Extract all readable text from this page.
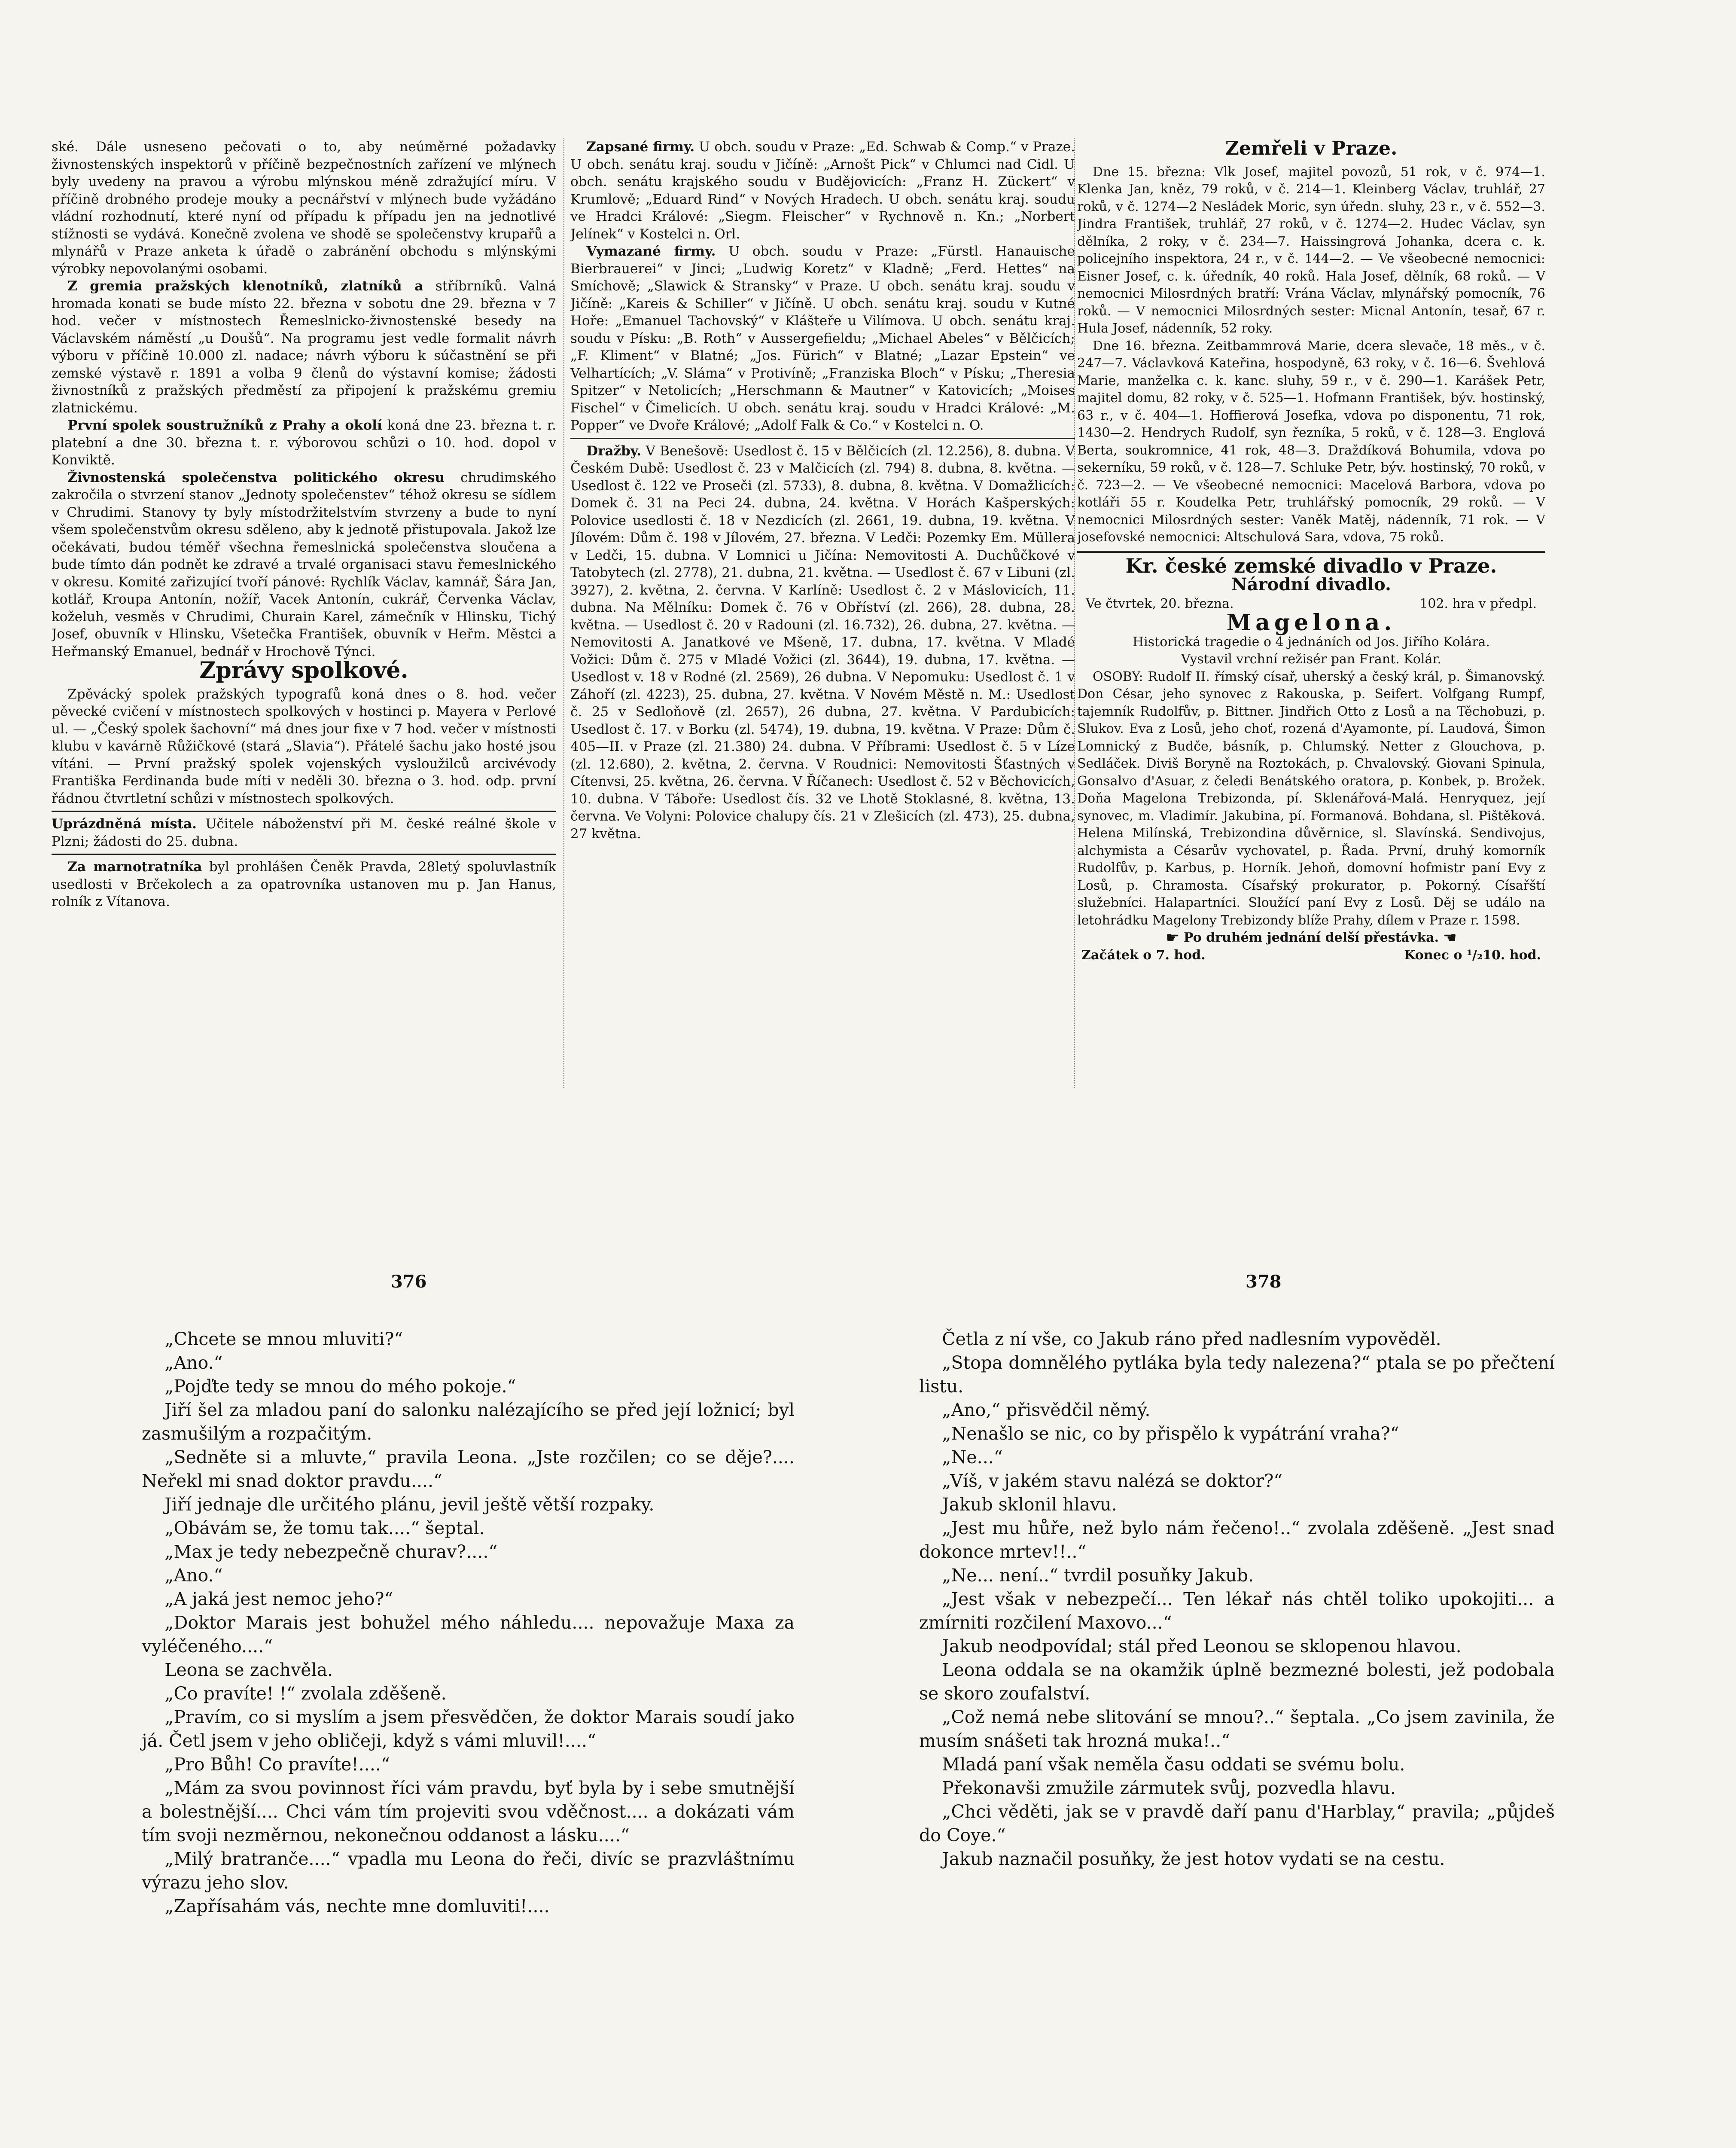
ské. Dále usneseno pečovati o to, aby neúměrné požadavky živnostenských inspektorů v příčině bezpečnostních zařízení ve mlýnech byly uvedeny na pravou a výrobu mlýnskou méně zdražující míru. V příčině drobného prodeje mouky a pecnářství v mlýnech bude vyžádáno vládní rozhodnutí, které nyní od případu k případu jen na jednotlivé stížnosti se vydává. Konečně zvolena ve shodě se společenstvy krupařů a mlynářů v Praze anketa k úřadě o zabránění obchodu s mlýnskými výrobky nepovolanými osobami.

Z gremia pražských klenotníků, zlatníků a stříbrníků. Valná hromada konati se bude místo 22. března v sobotu dne 29. března v 7 hod. večer v místnostech Řemeslnicko-živnostenské besedy na Václavském náměstí „u Doušů“. Na programu jest vedle formalit návrh výboru v příčině 10.000 zl. nadace; návrh výboru k súčastnění se při zemské výstavě r. 1891 a volba 9 členů do výstavní komise; žádosti živnostníků z pražských předměstí za připojení k pražskému gremiu zlatnickému.

První spolek soustružníků z Prahy a okolí koná dne 23. března t. r. platební a dne 30. března t. r. výborovou schůzi o 10. hod. dopol v Konviktě.

Živnostenská společenstva politického okresu chrudimského zakročila o stvrzení stanov „Jednoty společenstev“ téhož okresu se sídlem v Chrudimi. Stanovy ty byly místodržitelstvím stvrzeny a bude to nyní všem společenstvům okresu sděleno, aby k jednotě přistupovala. Jakož lze očekávati, budou téměř všechna řemeslnická společenstva sloučena a bude tímto dán podnět ke zdravé a trvalé organisaci stavu řemeslnického v okresu. Komité zařizující tvoří pánové: Rychlík Václav, kamnář, Šára Jan, kotlář, Kroupa Antonín, nožíř, Vacek Antonín, cukrář, Červenka Václav, koželuh, vesměs v Chrudimi, Churain Karel, zámečník v Hlinsku, Tichý Josef, obuvník v Hlinsku, Všetečka František, obuvník v Heřm. Městci a Heřmanský Emanuel, bednář v Hrochově Týnci.

Zprávy spolkové.

Zpěvácký spolek pražských typografů koná dnes o 8. hod. večer pěvecké cvičení v místnostech spolkových v hostinci p. Mayera v Perlové ul. — „Český spolek šachovní“ má dnes jour fixe v 7 hod. večer v místnosti klubu v kavárně Růžičkové (stará „Slavia“). Přátelé šachu jako hosté jsou vítáni. — První pražský spolek vojenských vysloužilců arcivévody Františka Ferdinanda bude míti v neděli 30. března o 3. hod. odp. první řádnou čtvrtletní schůzi v místnostech spolkových.

Uprázdněná místa. Učitele náboženství při M. české reálné škole v Plzni; žádosti do 25. dubna.

Za marnotratníka byl prohlášen Čeněk Pravda, 28letý spoluvlastník usedlosti v Brčekolech a za opatrovníka ustanoven mu p. Jan Hanus, rolník z Vítanova.

Zapsané firmy. U obch. soudu v Praze: „Ed. Schwab & Comp.“ v Praze. U obch. senátu kraj. soudu v Jičíně: „Arnošt Pick“ v Chlumci nad Cidl. U obch. senátu krajského soudu v Budějovicích: „Franz H. Zückert“ v Krumlově; „Eduard Rind“ v Nových Hradech. U obch. senátu kraj. soudu ve Hradci Králové: „Siegm. Fleischer“ v Rychnově n. Kn.; „Norbert Jelínek“ v Kostelci n. Orl.

Vymazané firmy. U obch. soudu v Praze: „Fürstl. Hanauische Bierbrauerei“ v Jinci; „Ludwig Koretz“ v Kladně; „Ferd. Hettes“ na Smíchově; „Slawick & Stransky“ v Praze. U obch. senátu kraj. soudu v Jičíně: „Kareis & Schiller“ v Jičíně. U obch. senátu kraj. soudu v Kutné Hoře: „Emanuel Tachovský“ v Klášteře u Vilímova. U obch. senátu kraj. soudu v Písku: „B. Roth“ v Aussergefieldu; „Michael Abeles“ v Bělčicích; „F. Kliment“ v Blatné; „Jos. Fürich“ v Blatné; „Lazar Epstein“ ve Velhartících; „V. Sláma“ v Protivíně; „Franziska Bloch“ v Písku; „Theresia Spitzer“ v Netolicích; „Herschmann & Mautner“ v Katovicích; „Moises Fischel“ v Čimelicích. U obch. senátu kraj. soudu v Hradci Králové: „M. Popper“ ve Dvoře Králové; „Adolf Falk & Co.“ v Kostelci n. O.

Dražby. V Benešově: Usedlost č. 15 v Bělčicích (zl. 12.256), 8. dubna. V Českém Dubě: Usedlost č. 23 v Malčicích (zl. 794) 8. dubna, 8. května. — Usedlost č. 122 ve Proseči (zl. 5733), 8. dubna, 8. května. V Domažlicích: Domek č. 31 na Peci 24. dubna, 24. května. V Horách Kašperských: Polovice usedlosti č. 18 v Nezdicích (zl. 2661, 19. dubna, 19. května. V Jílovém: Dům č. 198 v Jílovém, 27. března. V Ledči: Pozemky Em. Müllera v Ledči, 15. dubna. V Lomnici u Jičína: Nemovitosti A. Duchůčkové v Tatobytech (zl. 2778), 21. dubna, 21. května. — Usedlost č. 67 v Libuni (zl. 3927), 2. května, 2. června. V Karlíně: Usedlost č. 2 v Máslovicích, 11. dubna. Na Mělníku: Domek č. 76 v Obříství (zl. 266), 28. dubna, 28. května. — Usedlost č. 20 v Radouni (zl. 16.732), 26. dubna, 27. května. — Nemovitosti A. Janatkové ve Mšeně, 17. dubna, 17. května. V Mladé Vožici: Dům č. 275 v Mladé Vožici (zl. 3644), 19. dubna, 17. května. — Usedlost v. 18 v Rodné (zl. 2569), 26 dubna. V Nepomuku: Usedlost č. 1 v Záhoří (zl. 4223), 25. dubna, 27. května. V Novém Městě n. M.: Usedlost č. 25 v Sedloňově (zl. 2657), 26 dubna, 27. května. V Pardubicích: Usedlost č. 17. v Borku (zl. 5474), 19. dubna, 19. května. V Praze: Dům č. 405—II. v Praze (zl. 21.380) 24. dubna. V Příbrami: Usedlost č. 5 v Líze (zl. 12.680), 2. května, 2. června. V Roudnici: Nemovitosti Šťastných v Cítenvsi, 25. května, 26. června. V Říčanech: Usedlost č. 52 v Běchovicích, 10. dubna. V Táboře: Usedlost čís. 32 ve Lhotě Stoklasné, 8. května, 13. června. Ve Volyni: Polovice chalupy čís. 21 v Zlešicích (zl. 473), 25. dubna, 27 května.

Zemřeli v Praze.

Dne 15. března: Vlk Josef, majitel povozů, 51 rok, v č. 974—1. Klenka Jan, kněz, 79 roků, v č. 214—1. Kleinberg Václav, truhlář, 27 roků, v č. 1274—2 Nesládek Moric, syn úředn. sluhy, 23 r., v č. 552—3. Jindra František, truhlář, 27 roků, v č. 1274—2. Hudec Václav, syn dělníka, 2 roky, v č. 234—7. Haissingrová Johanka, dcera c. k. policejního inspektora, 24 r., v č. 144—2. — Ve všeobecné nemocnici: Eisner Josef, c. k. úředník, 40 roků. Hala Josef, dělník, 68 roků. — V nemocnici Milosrdných bratří: Vrána Václav, mlynářský pomocník, 76 roků. — V nemocnici Milosrdných sester: Micnal Antonín, tesař, 67 r. Hula Josef, nádenník, 52 roky.

Dne 16. března. Zeitbammrová Marie, dcera slevače, 18 měs., v č. 247—7. Václavková Kateřina, hospodyně, 63 roky, v č. 16—6. Švehlová Marie, manželka c. k. kanc. sluhy, 59 r., v č. 290—1. Karášek Petr, majitel domu, 82 roky, v č. 525—1. Hofmann František, býv. hostinský, 63 r., v č. 404—1. Hoffierová Josefka, vdova po disponentu, 71 rok, 1430—2. Hendrych Rudolf, syn řezníka, 5 roků, v č. 128—3. Englová Berta, soukromnice, 41 rok, 48—3. Draždíková Bohumila, vdova po sekerníku, 59 roků, v č. 128—7. Schluke Petr, býv. hostinský, 70 roků, v č. 723—2. — Ve všeobecné nemocnici: Macelová Barbora, vdova po kotláři 55 r. Koudelka Petr, truhlářský pomocník, 29 roků. — V nemocnici Milosrdných sester: Vaněk Matěj, nádenník, 71 rok. — V josefovské nemocnici: Altschulová Sara, vdova, 75 roků.

Kr. české zemské divadlo v Praze.
Národní divadlo.
Ve čtvrtek, 20. března.	102. hra v předpl.
Magelona.

Historická tragedie o 4 jednáních od Jos. Jiřího Kolára.

Vystavil vrchní režisér pan Frant. Kolár.

OSOBY: Rudolf II. římský císař, uherský a český král, p. Šimanovský. Don César, jeho synovec z Rakouska, p. Seifert. Volfgang Rumpf, tajemník Rudolfův, p. Bittner. Jindřich Otto z Losů a na Těchobuzi, p. Slukov. Eva z Losů, jeho choť, rozená d'Ayamonte, pí. Laudová, Šimon Lomnický z Budče, básník, p. Chlumský. Netter z Glouchova, p. Sedláček. Diviš Boryně na Roztokách, p. Chvalovský. Giovani Spinula, Gonsalvo d'Asuar, z čeledi Benátského oratora, p. Konbek, p. Brožek. Doňa Magelona Trebizonda, pí. Sklenářová-Malá. Henryquez, její synovec, m. Vladimír. Jakubina, pí. Formanová. Bohdana, sl. Pištěková. Helena Milínská, Trebizondina důvěrnice, sl. Slavínská. Sendivojus, alchymista a Césarův vychovatel, p. Řada. První, druhý komorník Rudolfův, p. Karbus, p. Horník. Jehoň, domovní hofmistr paní Evy z Losů, p. Chramosta. Císařský prokurator, p. Pokorný. Císařští služebníci. Halapartníci. Sloužící paní Evy z Losů. Děj se událo na letohrádku Magelony Trebizondy blíže Prahy, dílem v Praze r. 1598.

☛ Po druhém jednání delší přestávka. ☚

Začátek o 7. hod.	Konec o ¹/₂10. hod.
376	378

„Chcete se mnou mluviti?“

„Ano.“

„Pojďte tedy se mnou do mého pokoje.“

Jiří šel za mladou paní do salonku nalézajícího se před její ložnicí; byl zasmušilým a rozpačitým.

„Sedněte si a mluvte,“ pravila Leona. „Jste rozčilen; co se děje?.... Neřekl mi snad doktor pravdu....“

Jiří jednaje dle určitého plánu, jevil ještě větší rozpaky.

„Obávám se, že tomu tak....“ šeptal.

„Max je tedy nebezpečně churav?....“

„Ano.“

„A jaká jest nemoc jeho?“

„Doktor Marais jest bohužel mého náhledu.... nepovažuje Maxa za vyléčeného....“

Leona se zachvěla.

„Co pravíte! !“ zvolala zděšeně.

„Pravím, co si myslím a jsem přesvědčen, že doktor Marais soudí jako já. Četl jsem v jeho obličeji, když s vámi mluvil!....“

„Pro Bůh! Co pravíte!....“

„Mám za svou povinnost říci vám pravdu, byť byla by i sebe smutnější a bolestnější.... Chci vám tím projeviti svou vděčnost.... a dokázati vám tím svoji nezměrnou, nekonečnou oddanost a lásku....“

„Milý bratranče....“ vpadla mu Leona do řeči, divíc se prazvláštnímu výrazu jeho slov.

„Zapřísahám vás, nechte mne domluviti!....

Četla z ní vše, co Jakub ráno před nadlesním vypověděl.

„Stopa domnělého pytláka byla tedy nalezena?“ ptala se po přečtení listu.

„Ano,“ přisvědčil němý.

„Nenašlo se nic, co by přispělo k vypátrání vraha?“

„Ne...“

„Víš, v jakém stavu nalézá se doktor?“

Jakub sklonil hlavu.

„Jest mu hůře, než bylo nám řečeno!..“ zvolala zděšeně. „Jest snad dokonce mrtev!!..“

„Ne... není..“ tvrdil posuňky Jakub.

„Jest však v nebezpečí... Ten lékař nás chtěl toliko upokojiti... a zmírniti rozčilení Maxovo...“

Jakub neodpovídal; stál před Leonou se sklopenou hlavou.

Leona oddala se na okamžik úplně bezmezné bolesti, jež podobala se skoro zoufalství.

„Což nemá nebe slitování se mnou?..“ šeptala. „Co jsem zavinila, že musím snášeti tak hrozná muka!..“

Mladá paní však neměla času oddati se svému bolu.

Překonavši zmužile zármutek svůj, pozvedla hlavu.

„Chci věděti, jak se v pravdě daří panu d'Harblay,“ pravila; „půjdeš do Coye.“

Jakub naznačil posuňky, že jest hotov vydati se na cestu.
